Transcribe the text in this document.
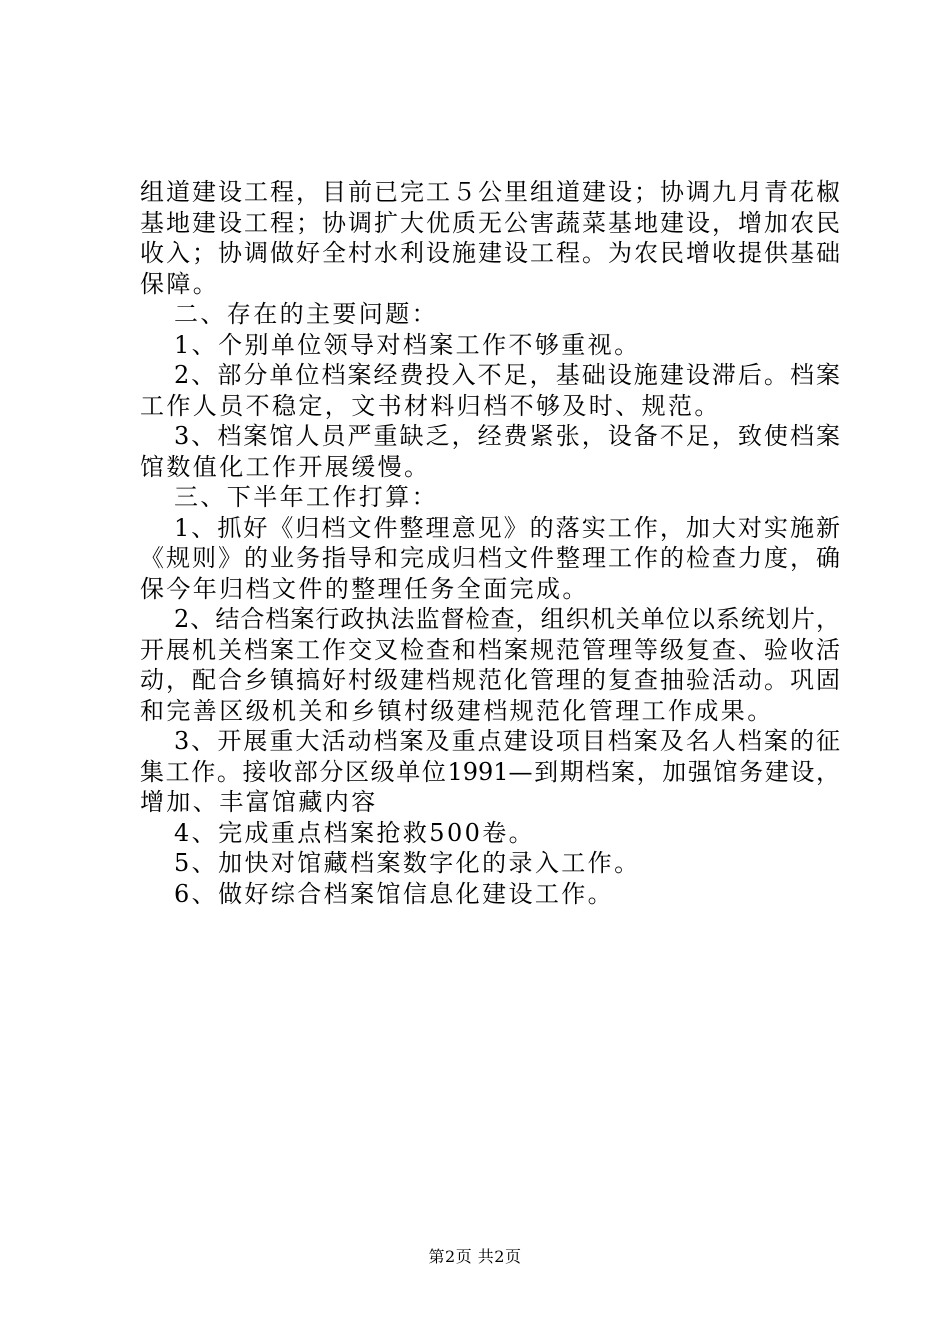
组道建设工程，目前已完工５公里组道建设；协调九月青花椒
基地建设工程；协调扩大优质无公害蔬菜基地建设，增加农民
收入；协调做好全村水利设施建设工程。为农民增收提供基础
保障。
二、存在的主要问题：
1、个别单位领导对档案工作不够重视。
2、部分单位档案经费投入不足，基础设施建设滞后。档案
工作人员不稳定，文书材料归档不够及时、规范。
3、档案馆人员严重缺乏，经费紧张，设备不足，致使档案
馆数值化工作开展缓慢。
三、下半年工作打算：
1、抓好《归档文件整理意见》的落实工作，加大对实施新
《规则》的业务指导和完成归档文件整理工作的检查力度，确
保今年归档文件的整理任务全面完成。
2、结合档案行政执法监督检查，组织机关单位以系统划片，
开展机关档案工作交叉检查和档案规范管理等级复查、验收活
动，配合乡镇搞好村级建档规范化管理的复查抽验活动。巩固
和完善区级机关和乡镇村级建档规范化管理工作成果。
3、开展重大活动档案及重点建设项目档案及名人档案的征
集工作。接收部分区级单位1991—到期档案，加强馆务建设，
增加、丰富馆藏内容
4、完成重点档案抢救500卷。
5、加快对馆藏档案数字化的录入工作。
6、做好综合档案馆信息化建设工作。
第2页 共2页
